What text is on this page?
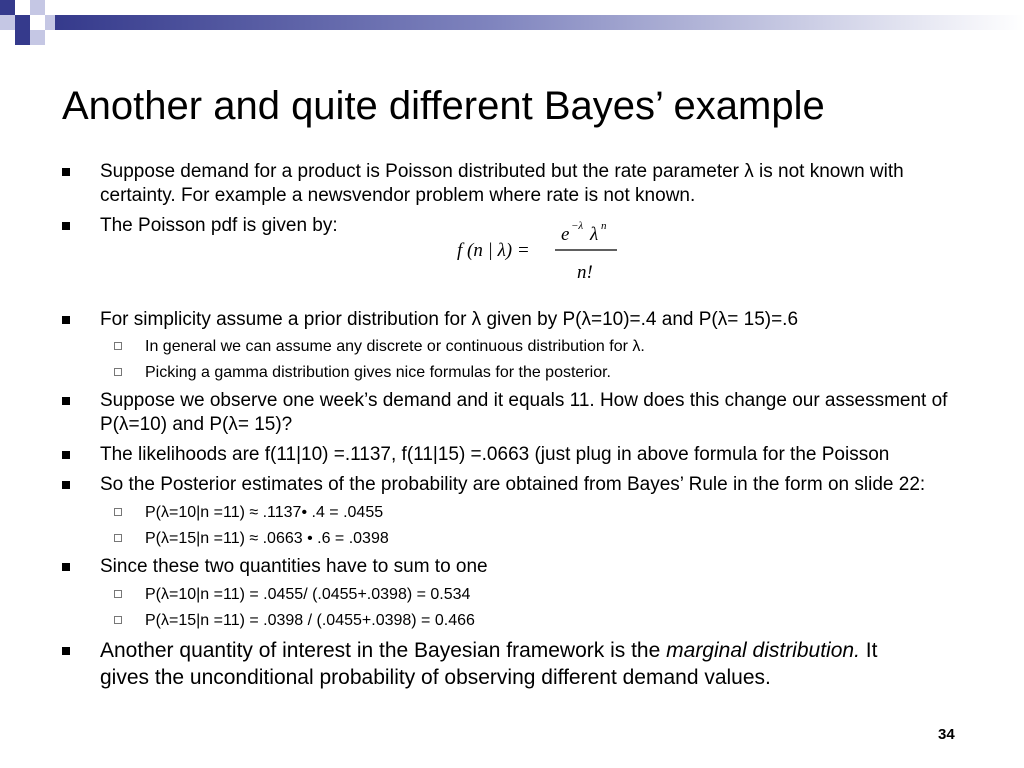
Another and quite different Bayes’ example
Suppose demand for a product is Poisson distributed but the rate parameter λ is not known with certainty. For example a newsvendor problem where rate is not known.
The Poisson pdf is given by:
For simplicity assume a prior distribution for λ given by P(λ=10)=.4 and P(λ= 15)=.6
In general we can assume any discrete or continuous distribution for λ.
Picking a gamma distribution gives nice formulas for the posterior.
Suppose we observe one week’s demand and it equals 11. How does this change our assessment of P(λ=10) and P(λ= 15)?
The likelihoods are f(11|10) =.1137, f(11|15) =.0663 (just plug in above formula for the Poisson
So the Posterior estimates of the probability are obtained from Bayes’ Rule in the form on slide 22:
P(λ=10|n =11) ≈ .1137• .4 = .0455
P(λ=15|n =11) ≈ .0663 • .6 = .0398
Since these two quantities have to sum to one
P(λ=10|n =11) = .0455/ (.0455+.0398) = 0.534
P(λ=15|n =11) = .0398 / (.0455+.0398) = 0.466
Another quantity of interest in the Bayesian framework is the marginal distribution. It gives the unconditional probability of observing different demand values.
f (n | λ) =
e −λ λ n
n!
34
